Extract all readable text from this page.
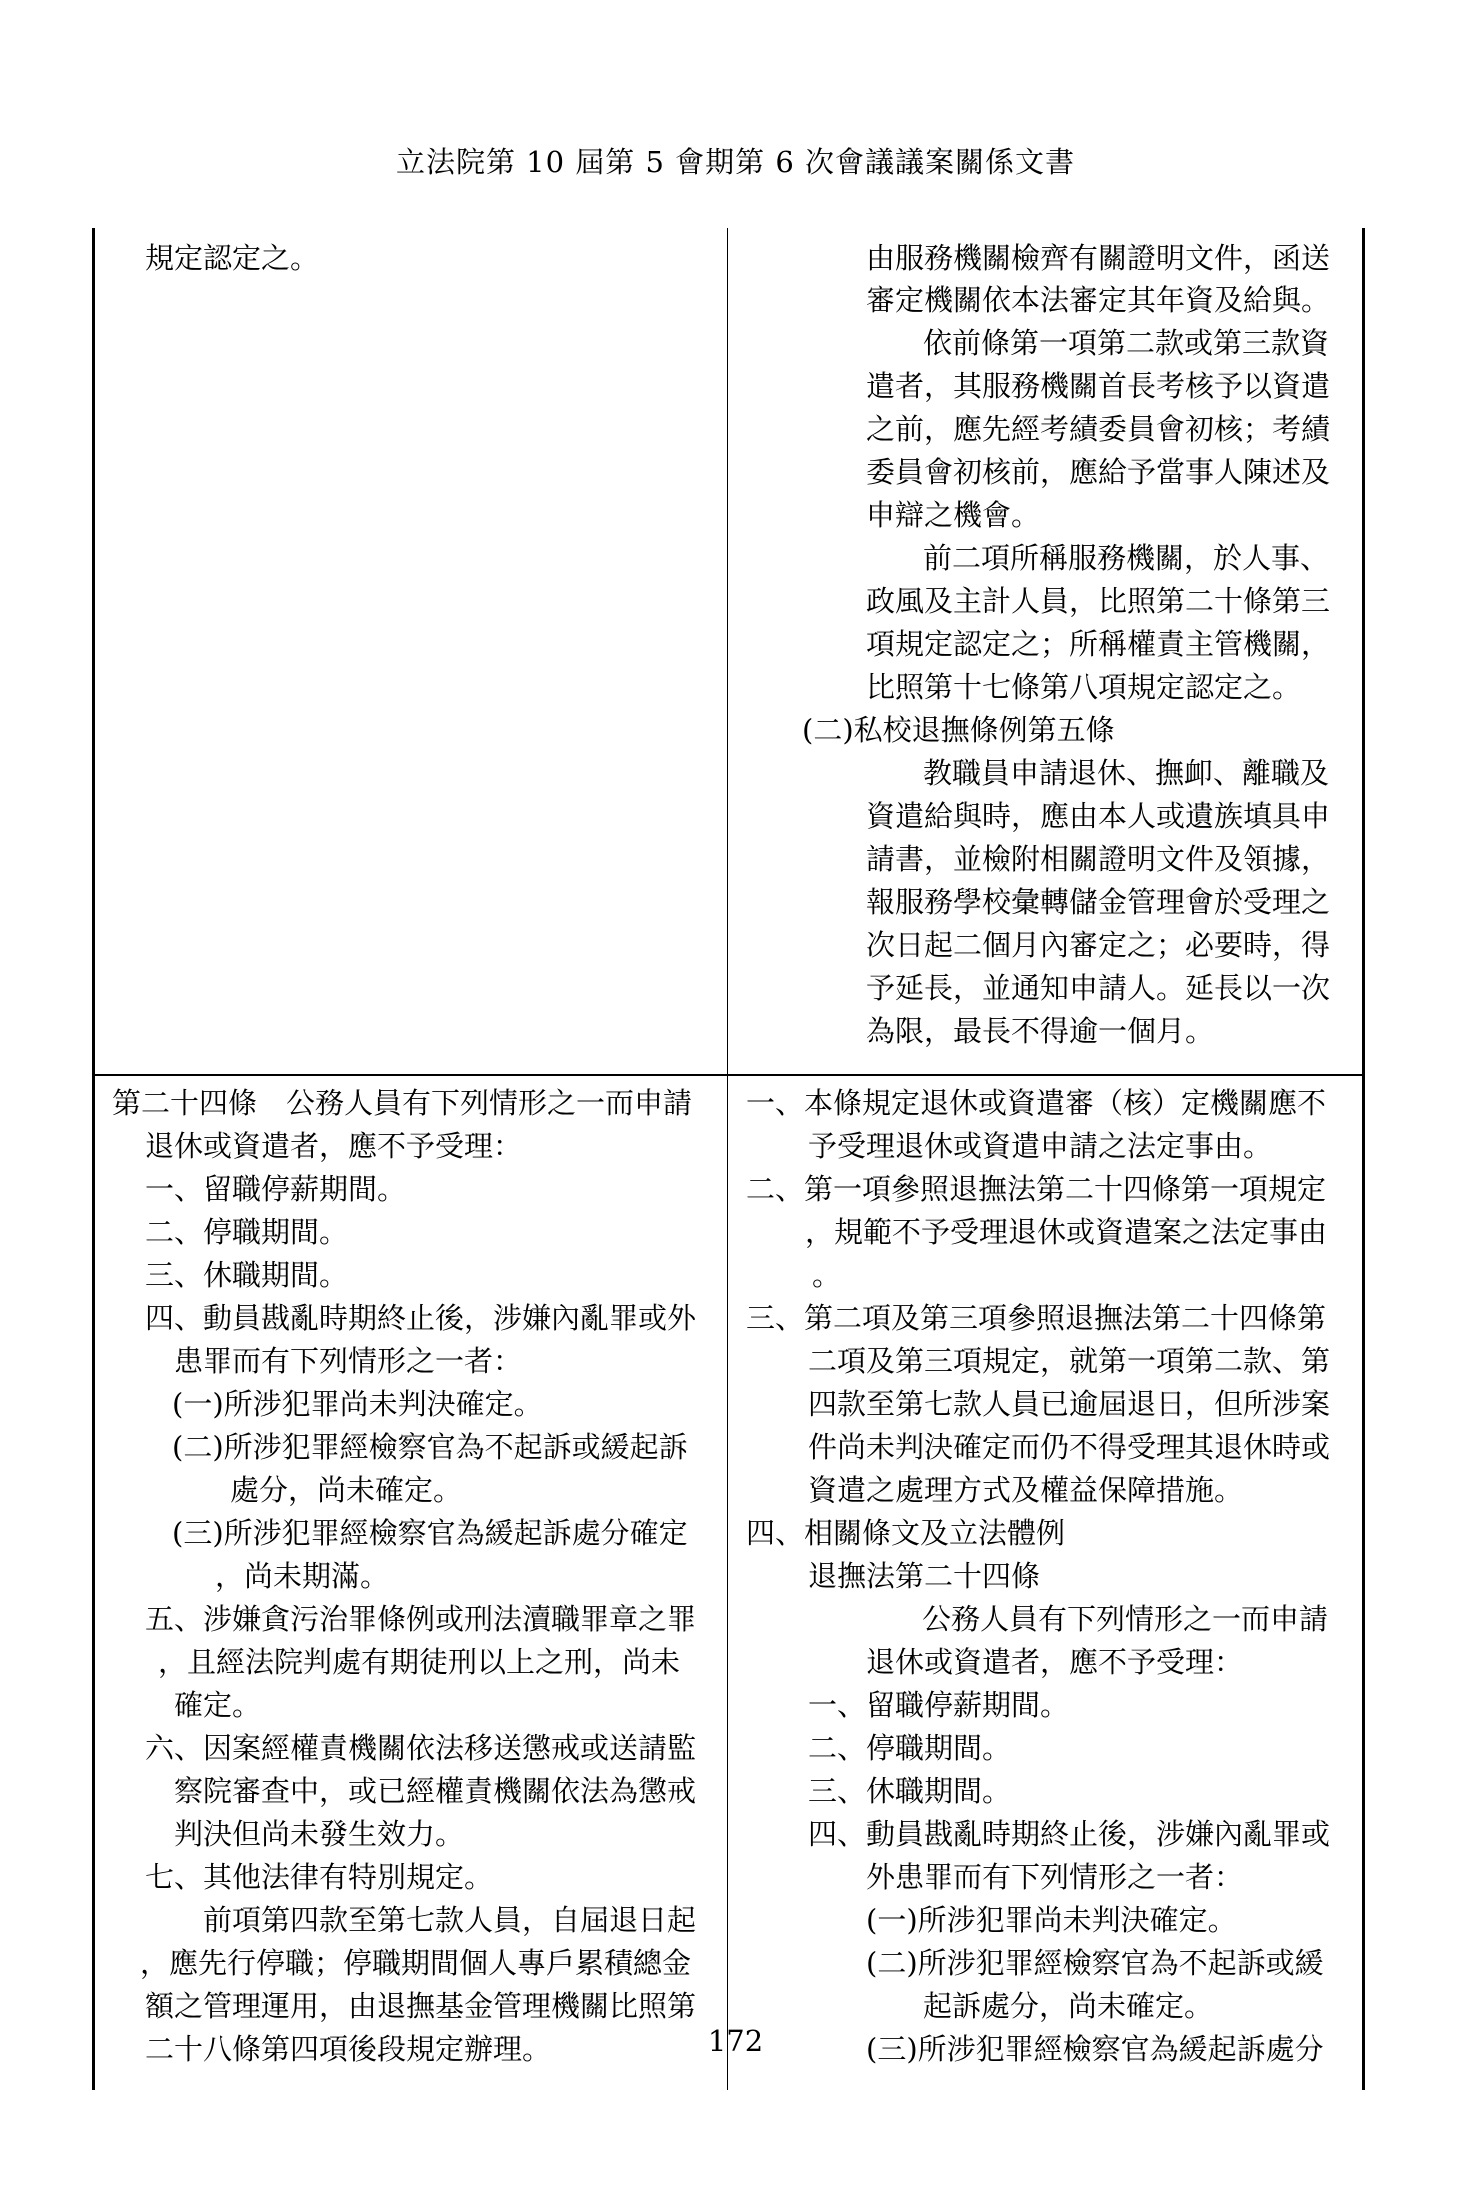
立法院第 10 屆第 5 會期第 6 次會議議案關係文書
規定認定之。	由服務機關檢齊有關證明文件，函送
審定機關依本法審定其年資及給與。
依前條第一項第二款或第三款資
遣者，其服務機關首長考核予以資遣
之前，應先經考績委員會初核；考績
委員會初核前，應給予當事人陳述及
申辯之機會。
前二項所稱服務機關，於人事、
政風及主計人員，比照第二十條第三
項規定認定之；所稱權責主管機關，
比照第十七條第八項規定認定之。
(二)私校退撫條例第五條
教職員申請退休、撫卹、離職及
資遣給與時，應由本人或遺族填具申
請書，並檢附相關證明文件及領據，
報服務學校彙轉儲金管理會於受理之
次日起二個月內審定之；必要時，得
予延長，並通知申請人。延長以一次
為限，最長不得逾一個月。
第二十四條　公務人員有下列情形之一而申請
退休或資遣者，應不予受理：
一、留職停薪期間。
二、停職期間。
三、休職期間。
四、動員戡亂時期終止後，涉嫌內亂罪或外
患罪而有下列情形之一者：
(一)所涉犯罪尚未判決確定。
(二)所涉犯罪經檢察官為不起訴或緩起訴
處分，尚未確定。
(三)所涉犯罪經檢察官為緩起訴處分確定
，尚未期滿。
五、涉嫌貪污治罪條例或刑法瀆職罪章之罪
，且經法院判處有期徒刑以上之刑，尚未
確定。
六、因案經權責機關依法移送懲戒或送請監
察院審查中，或已經權責機關依法為懲戒
判決但尚未發生效力。
七、其他法律有特別規定。
前項第四款至第七款人員，自屆退日起
，應先行停職；停職期間個人專戶累積總金
額之管理運用，由退撫基金管理機關比照第
二十八條第四項後段規定辦理。
一、本條規定退休或資遣審（核）定機關應不
予受理退休或資遣申請之法定事由。
二、第一項參照退撫法第二十四條第一項規定
，規範不予受理退休或資遣案之法定事由
。
三、第二項及第三項參照退撫法第二十四條第
二項及第三項規定，就第一項第二款、第
四款至第七款人員已逾屆退日，但所涉案
件尚未判決確定而仍不得受理其退休時或
資遣之處理方式及權益保障措施。
四、相關條文及立法體例
退撫法第二十四條
公務人員有下列情形之一而申請
退休或資遣者，應不予受理：
一、留職停薪期間。
二、停職期間。
三、休職期間。
四、動員戡亂時期終止後，涉嫌內亂罪或
外患罪而有下列情形之一者：
(一)所涉犯罪尚未判決確定。
(二)所涉犯罪經檢察官為不起訴或緩
起訴處分，尚未確定。
(三)所涉犯罪經檢察官為緩起訴處分
172
